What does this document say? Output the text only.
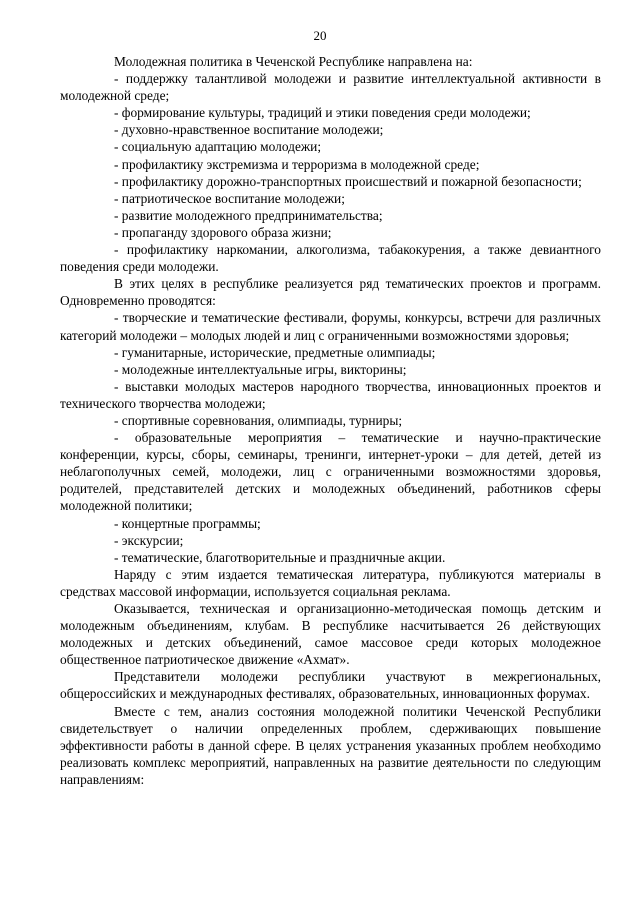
20

Молодежная политика в Чеченской Республике направлена на:

- поддержку талантливой молодежи и развитие интеллектуальной активности в молодежной среде;

- формирование культуры, традиций и этики поведения среди молодежи;

- духовно-нравственное воспитание молодежи;

- социальную адаптацию молодежи;

- профилактику экстремизма и терроризма в молодежной среде;

- профилактику дорожно-транспортных происшествий и пожарной безопасности;

- патриотическое воспитание молодежи;

- развитие молодежного предпринимательства;

- пропаганду здорового образа жизни;

- профилактику наркомании, алкоголизма, табакокурения, а также девиантного поведения среди молодежи.

В этих целях в республике реализуется ряд тематических проектов и программ. Одновременно проводятся:

- творческие и тематические фестивали, форумы, конкурсы, встречи для различных категорий молодежи – молодых людей и лиц с ограниченными возможностями здоровья;

- гуманитарные, исторические, предметные олимпиады;

- молодежные интеллектуальные игры, викторины;

- выставки молодых мастеров народного творчества, инновационных проектов и технического творчества молодежи;

- спортивные соревнования, олимпиады, турниры;

- образовательные мероприятия – тематические и научно-практические конференции, курсы, сборы, семинары, тренинги, интернет-уроки – для детей, детей из неблагополучных семей, молодежи, лиц с ограниченными возможностями здоровья, родителей, представителей детских и молодежных объединений, работников сферы молодежной политики;

- концертные программы;

- экскурсии;

- тематические, благотворительные и праздничные акции.

Наряду с этим издается тематическая литература, публикуются материалы в средствах массовой информации, используется социальная реклама.

Оказывается, техническая и организационно-методическая помощь детским и молодежным объединениям, клубам. В республике насчитывается 26 действующих молодежных и детских объединений, самое массовое среди которых молодежное общественное патриотическое движение «Ахмат».

Представители молодежи республики участвуют в межрегиональных, общероссийских и международных фестивалях, образовательных, инновационных форумах.

Вместе с тем, анализ состояния молодежной политики Чеченской Республики свидетельствует о наличии определенных проблем, сдерживающих повышение эффективности работы в данной сфере. В целях устранения указанных проблем необходимо реализовать комплекс мероприятий, направленных на развитие деятельности по следующим направлениям:
